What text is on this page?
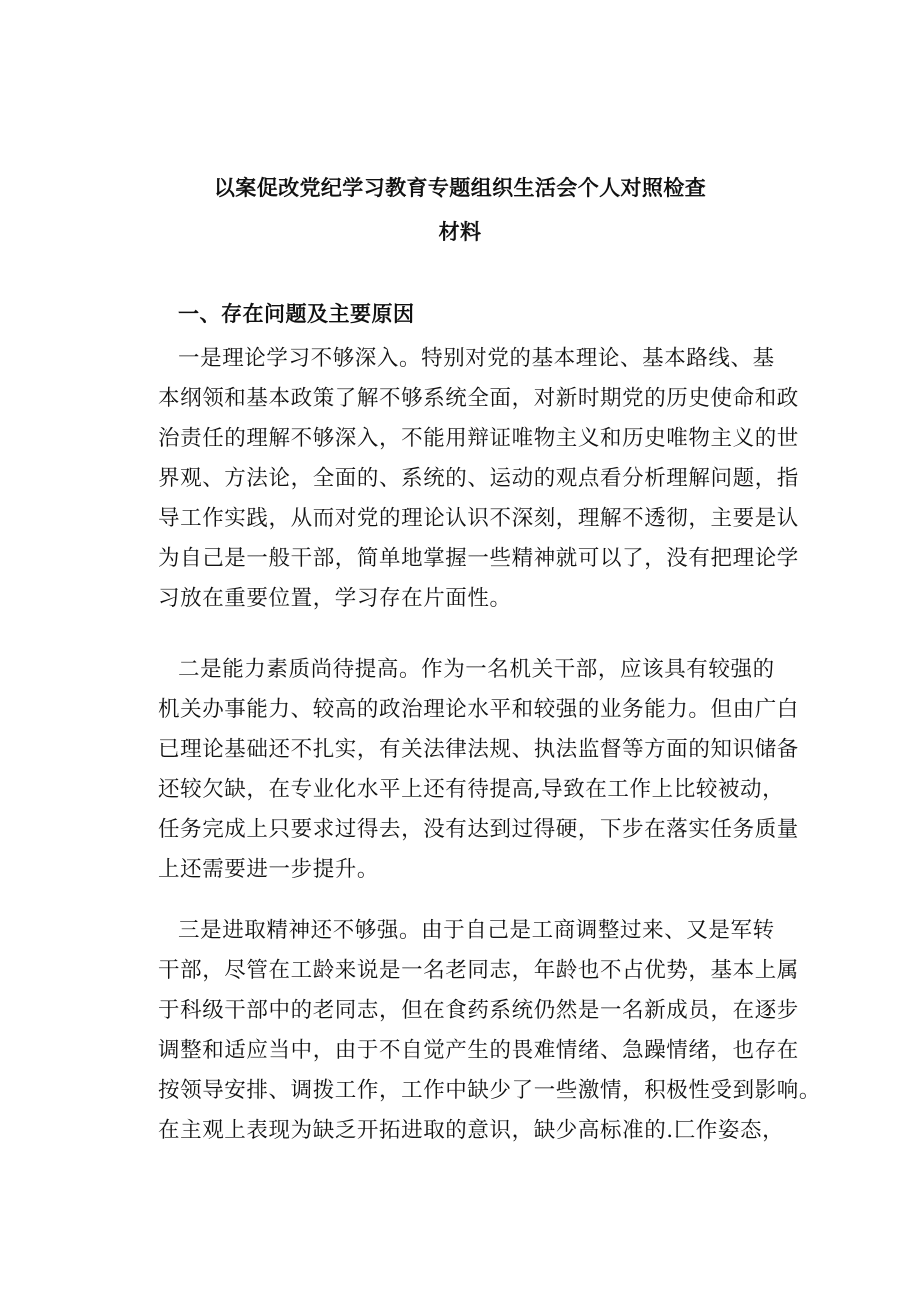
以案促改党纪学习教育专题组织生活会个人对照检查
材料
一、存在问题及主要原因
一是理论学习不够深入。特别对党的基本理论、基本路线、基
本纲领和基本政策了解不够系统全面，对新时期党的历史使命和政
治责任的理解不够深入，不能用辩证唯物主义和历史唯物主义的世
界观、方法论，全面的、系统的、运动的观点看分析理解问题，指
导工作实践，从而对党的理论认识不深刻，理解不透彻，主要是认
为自己是一般干部，简单地掌握一些精神就可以了，没有把理论学
习放在重要位置，学习存在片面性。
二是能力素质尚待提高。作为一名机关干部，应该具有较强的
机关办事能力、较高的政治理论水平和较强的业务能力。但由广白
已理论基础还不扎实，有关法律法规、执法监督等方面的知识储备
还较欠缺，在专业化水平上还有待提高,导致在工作上比较被动，
任务完成上只要求过得去，没有达到过得硬，下步在落实任务质量
上还需要进一步提升。
三是进取精神还不够强。由于自己是工商调整过来、又是军转
干部，尽管在工龄来说是一名老同志，年龄也不占优势，基本上属
于科级干部中的老同志，但在食药系统仍然是一名新成员，在逐步
调整和适应当中，由于不自觉产生的畏难情绪、急躁情绪，也存在
按领导安排、调拨工作，工作中缺少了一些激情，积极性受到影响。
在主观上表现为缺乏开拓进取的意识，缺少高标准的.匚作姿态，
